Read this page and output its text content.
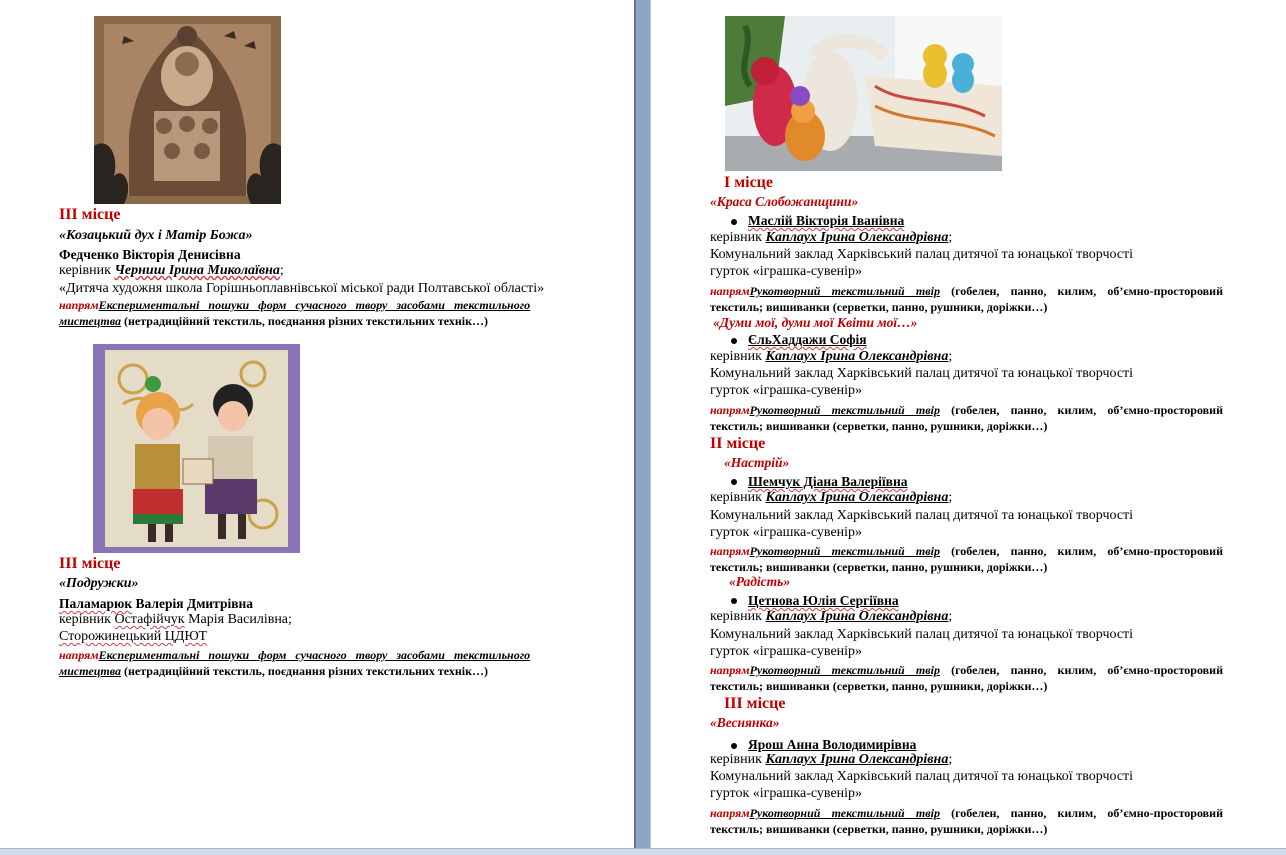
ІІІ місце
«Козацький дух і Матір Божа»
Федченко Вікторія Денисівна
керівник Черниш Ірина Миколаївна;
«Дитяча художня школа Горішньоплавнівської міської ради Полтавської області»
напрямЕкспериментальні пошуки форм сучасного твору засобами текстильного
мистецтва (нетрадиційний текстиль, поєднання різних текстильних технік…)
ІІІ місце
«Подружки»
Паламарюк Валерія Дмитрівна
керівник Остафійчук Марія Василівна;
Сторожинецький ЦДЮТ
напрямЕкспериментальні пошуки форм сучасного твору засобами текстильного
мистецтва (нетрадиційний текстиль, поєднання різних текстильних технік…)
І місце
«Краса Слобожанщини»
Маслій Вікторія Іванівна
керівник Каплаух Ірина Олександрівна;
Комунальний заклад Харківський палац дитячої та юнацької творчості
гурток «іграшка-сувенір»
напрямРукотворний текстильний твір (гобелен, панно, килим, об’ємно-просторовий текстиль; вишиванки (серветки, панно, рушники, доріжки…)
«Думи мої, думи мої Квіти мої…»
ЄльХаддажи Софія
керівник Каплаух Ірина Олександрівна;
Комунальний заклад Харківський палац дитячої та юнацької творчості
гурток «іграшка-сувенір»
напрямРукотворний текстильний твір (гобелен, панно, килим, об’ємно-просторовий текстиль; вишиванки (серветки, панно, рушники, доріжки…)
ІІ місце
«Настрій»
Шемчук Діана Валеріївна
керівник Каплаух Ірина Олександрівна;
Комунальний заклад Харківський палац дитячої та юнацької творчості
гурток «іграшка-сувенір»
напрямРукотворний текстильний твір (гобелен, панно, килим, об’ємно-просторовий текстиль; вишиванки (серветки, панно, рушники, доріжки…)
«Радість»
Цетнова Юлія Сергіївна
керівник Каплаух Ірина Олександрівна;
Комунальний заклад Харківський палац дитячої та юнацької творчості
гурток «іграшка-сувенір»
напрямРукотворний текстильний твір (гобелен, панно, килим, об’ємно-просторовий текстиль; вишиванки (серветки, панно, рушники, доріжки…)
ІІІ місце
«Веснянка»
Ярош Анна Володимирівна
керівник Каплаух Ірина Олександрівна;
Комунальний заклад Харківський палац дитячої та юнацької творчості
гурток «іграшка-сувенір»
напрямРукотворний текстильний твір (гобелен, панно, килим, об’ємно-просторовий текстиль; вишиванки (серветки, панно, рушники, доріжки…)
